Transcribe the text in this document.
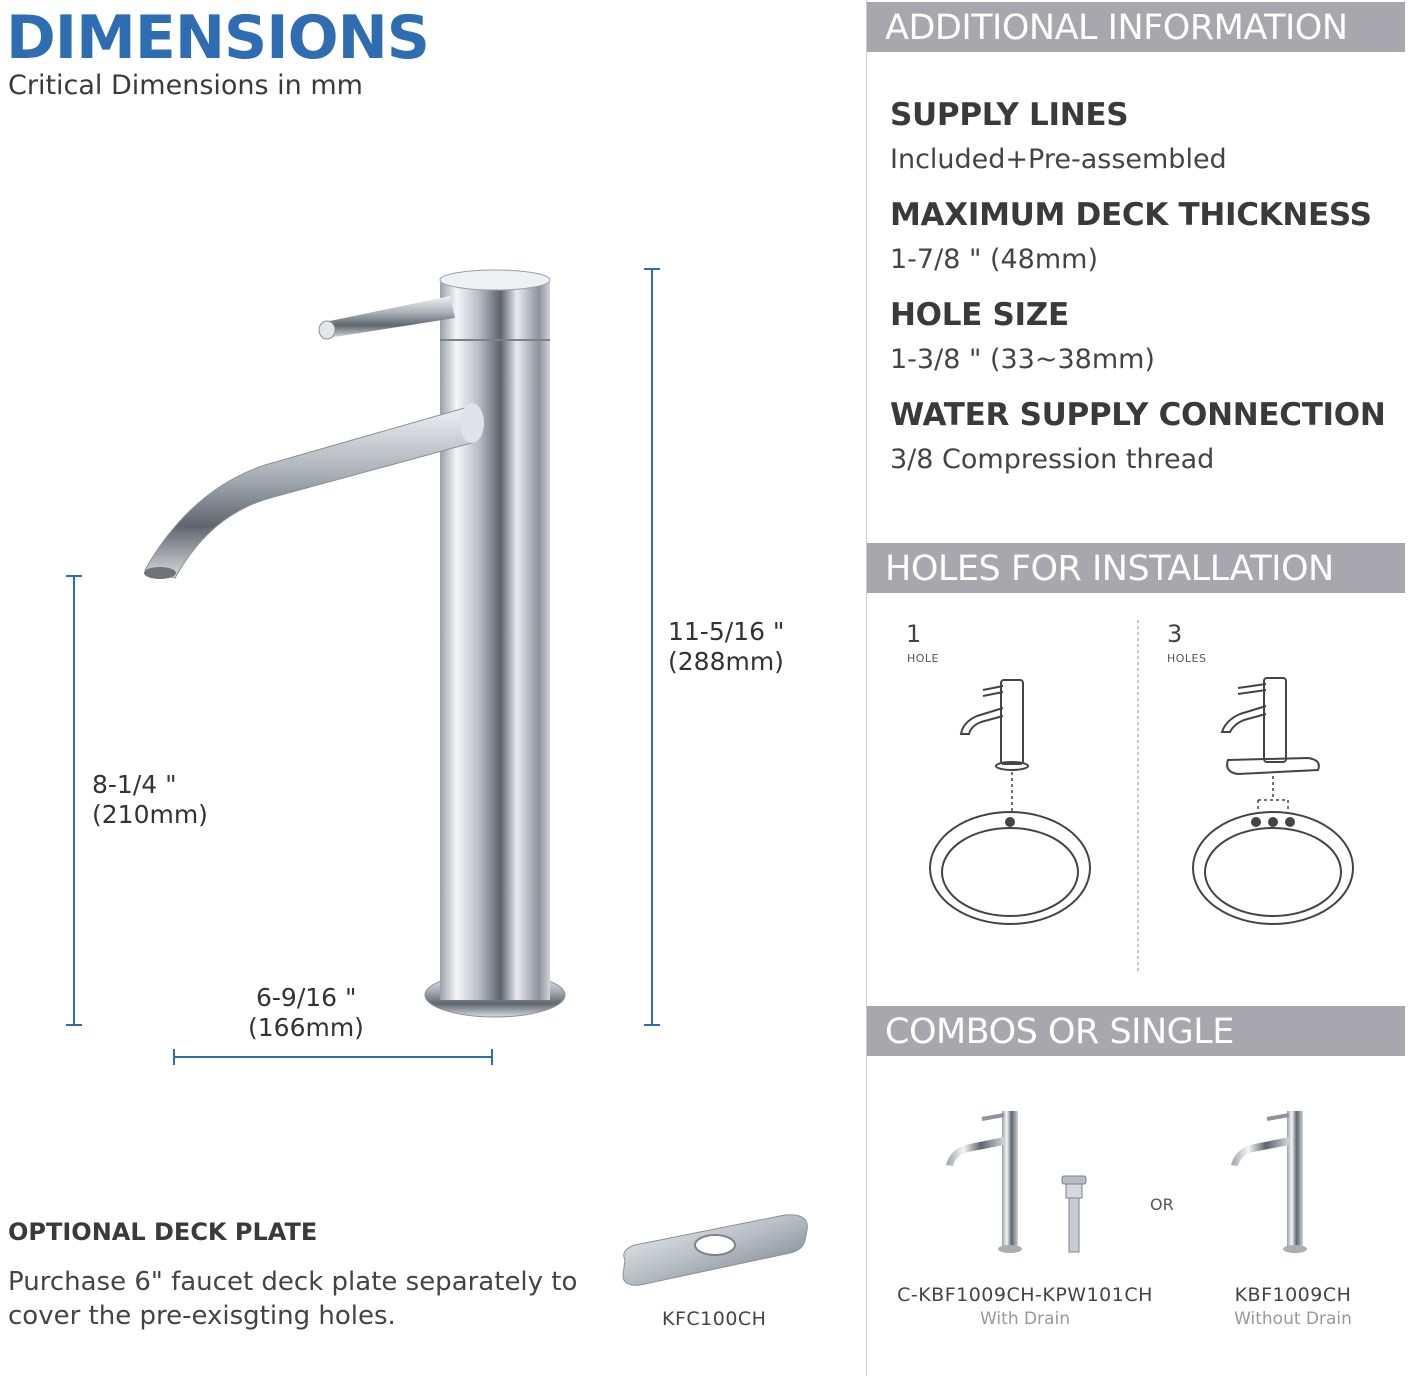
DIMENSIONS
Critical Dimensions in mm
11-5/16 "
(288mm)
8-1/4 "
(210mm)
6-9/16 "
(166mm)
OPTIONAL DECK PLATE
Purchase 6" faucet deck plate separately to cover the pre-exisgting holes.	KFC100CH
ADDITIONAL INFORMATION
SUPPLY LINES
Included+Pre-assembled
MAXIMUM DECK THICKNESS
1-7/8 " (48mm)
HOLE SIZE
1-3/8 " (33~38mm)
WATER SUPPLY CONNECTION
3/8 Compression thread
HOLES FOR INSTALLATION
1
HOLE
3
HOLES
COMBOS OR SINGLE
OR
C-KBF1009CH-KPW101CH
With Drain
KBF1009CH
Without Drain
